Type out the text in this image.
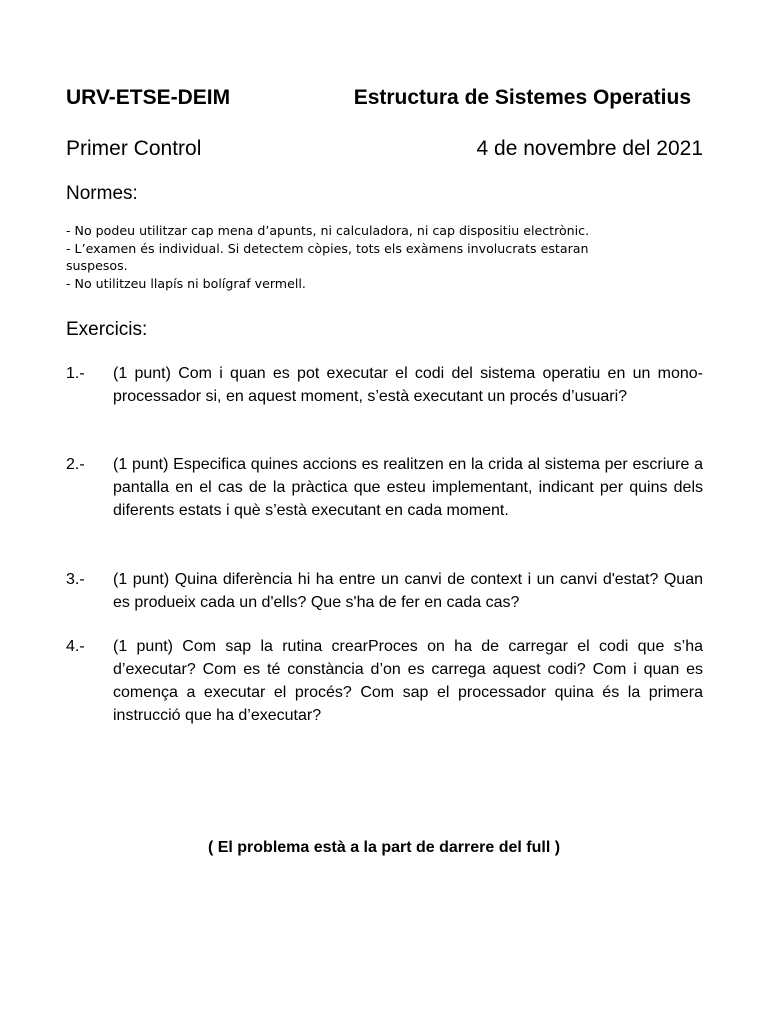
URV-ETSE-DEIM	Estructura de Sistemes Operatius
Primer Control	4 de novembre del 2021
Normes:
- No podeu utilitzar cap mena d’apunts, ni calculadora, ni cap dispositiu electrònic.
- L’examen és individual. Si detectem còpies, tots els exàmens involucrats estaran suspesos.
- No utilitzeu llapís ni bolígraf vermell.
Exercicis:
1.-	(1 punt) Com i quan es pot executar el codi del sistema operatiu en un mono-processador si, en aquest moment, s’està executant un procés d’usuari?
2.-	(1 punt) Especifica quines accions es realitzen en la crida al sistema per escriure a pantalla en el cas de la pràctica que esteu implementant, indicant per quins dels diferents estats i què s’està executant en cada moment.
3.-	(1 punt) Quina diferència hi ha entre un canvi de context i un canvi d'estat? Quan es produeix cada un d'ells? Que s'ha de fer en cada cas?
4.-	(1 punt) Com sap la rutina crearProces on ha de carregar el codi que s’ha d’executar? Com es té constància d’on es carrega aquest codi? Com i quan es comença a executar el procés? Com sap el processador quina és la primera instrucció que ha d’executar?
( El problema està a la part de darrere del full )
